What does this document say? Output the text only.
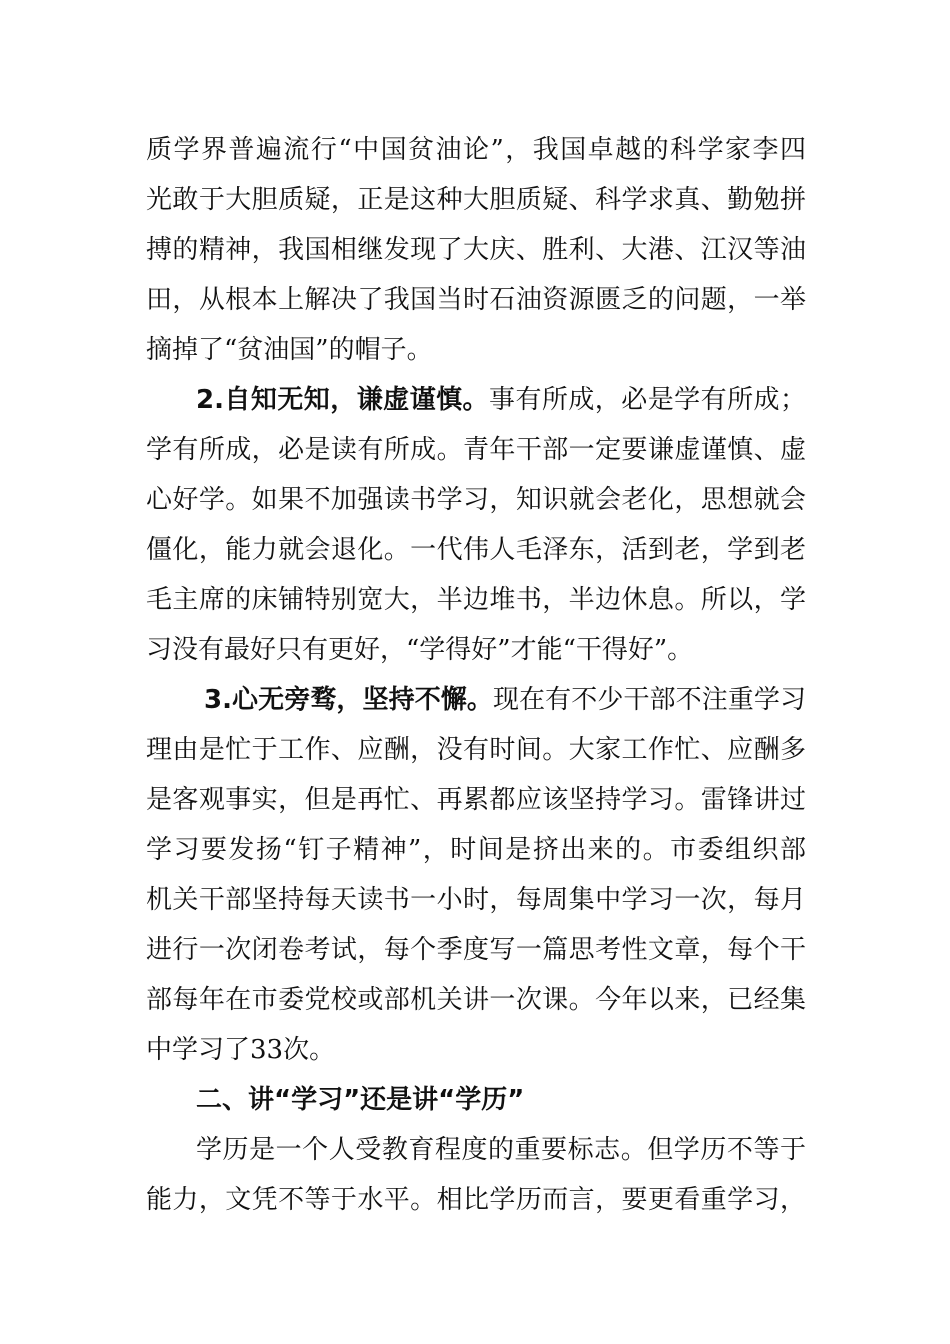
质学界普遍流行“中国贫油论”，我国卓越的科学家李四
光敢于大胆质疑，正是这种大胆质疑、科学求真、勤勉拼
搏的精神，我国相继发现了大庆、胜利、大港、江汉等油
田，从根本上解决了我国当时石油资源匮乏的问题，一举
摘掉了“贫油国”的帽子。
2.自知无知，谦虚谨慎。事有所成，必是学有所成；
学有所成，必是读有所成。青年干部一定要谦虚谨慎、虚
心好学。如果不加强读书学习，知识就会老化，思想就会
僵化，能力就会退化。一代伟人毛泽东，活到老，学到老
毛主席的床铺特别宽大，半边堆书，半边休息。所以，学
习没有最好只有更好，“学得好”才能“干得好”。
3.心无旁骛，坚持不懈。现在有不少干部不注重学习
理由是忙于工作、应酬，没有时间。大家工作忙、应酬多
是客观事实，但是再忙、再累都应该坚持学习。雷锋讲过
学习要发扬“钉子精神”，时间是挤出来的。市委组织部
机关干部坚持每天读书一小时，每周集中学习一次，每月
进行一次闭卷考试，每个季度写一篇思考性文章，每个干
部每年在市委党校或部机关讲一次课。今年以来，已经集
中学习了33次。
二、讲“学习”还是讲“学历”
学历是一个人受教育程度的重要标志。但学历不等于
能力，文凭不等于水平。相比学历而言，要更看重学习，
